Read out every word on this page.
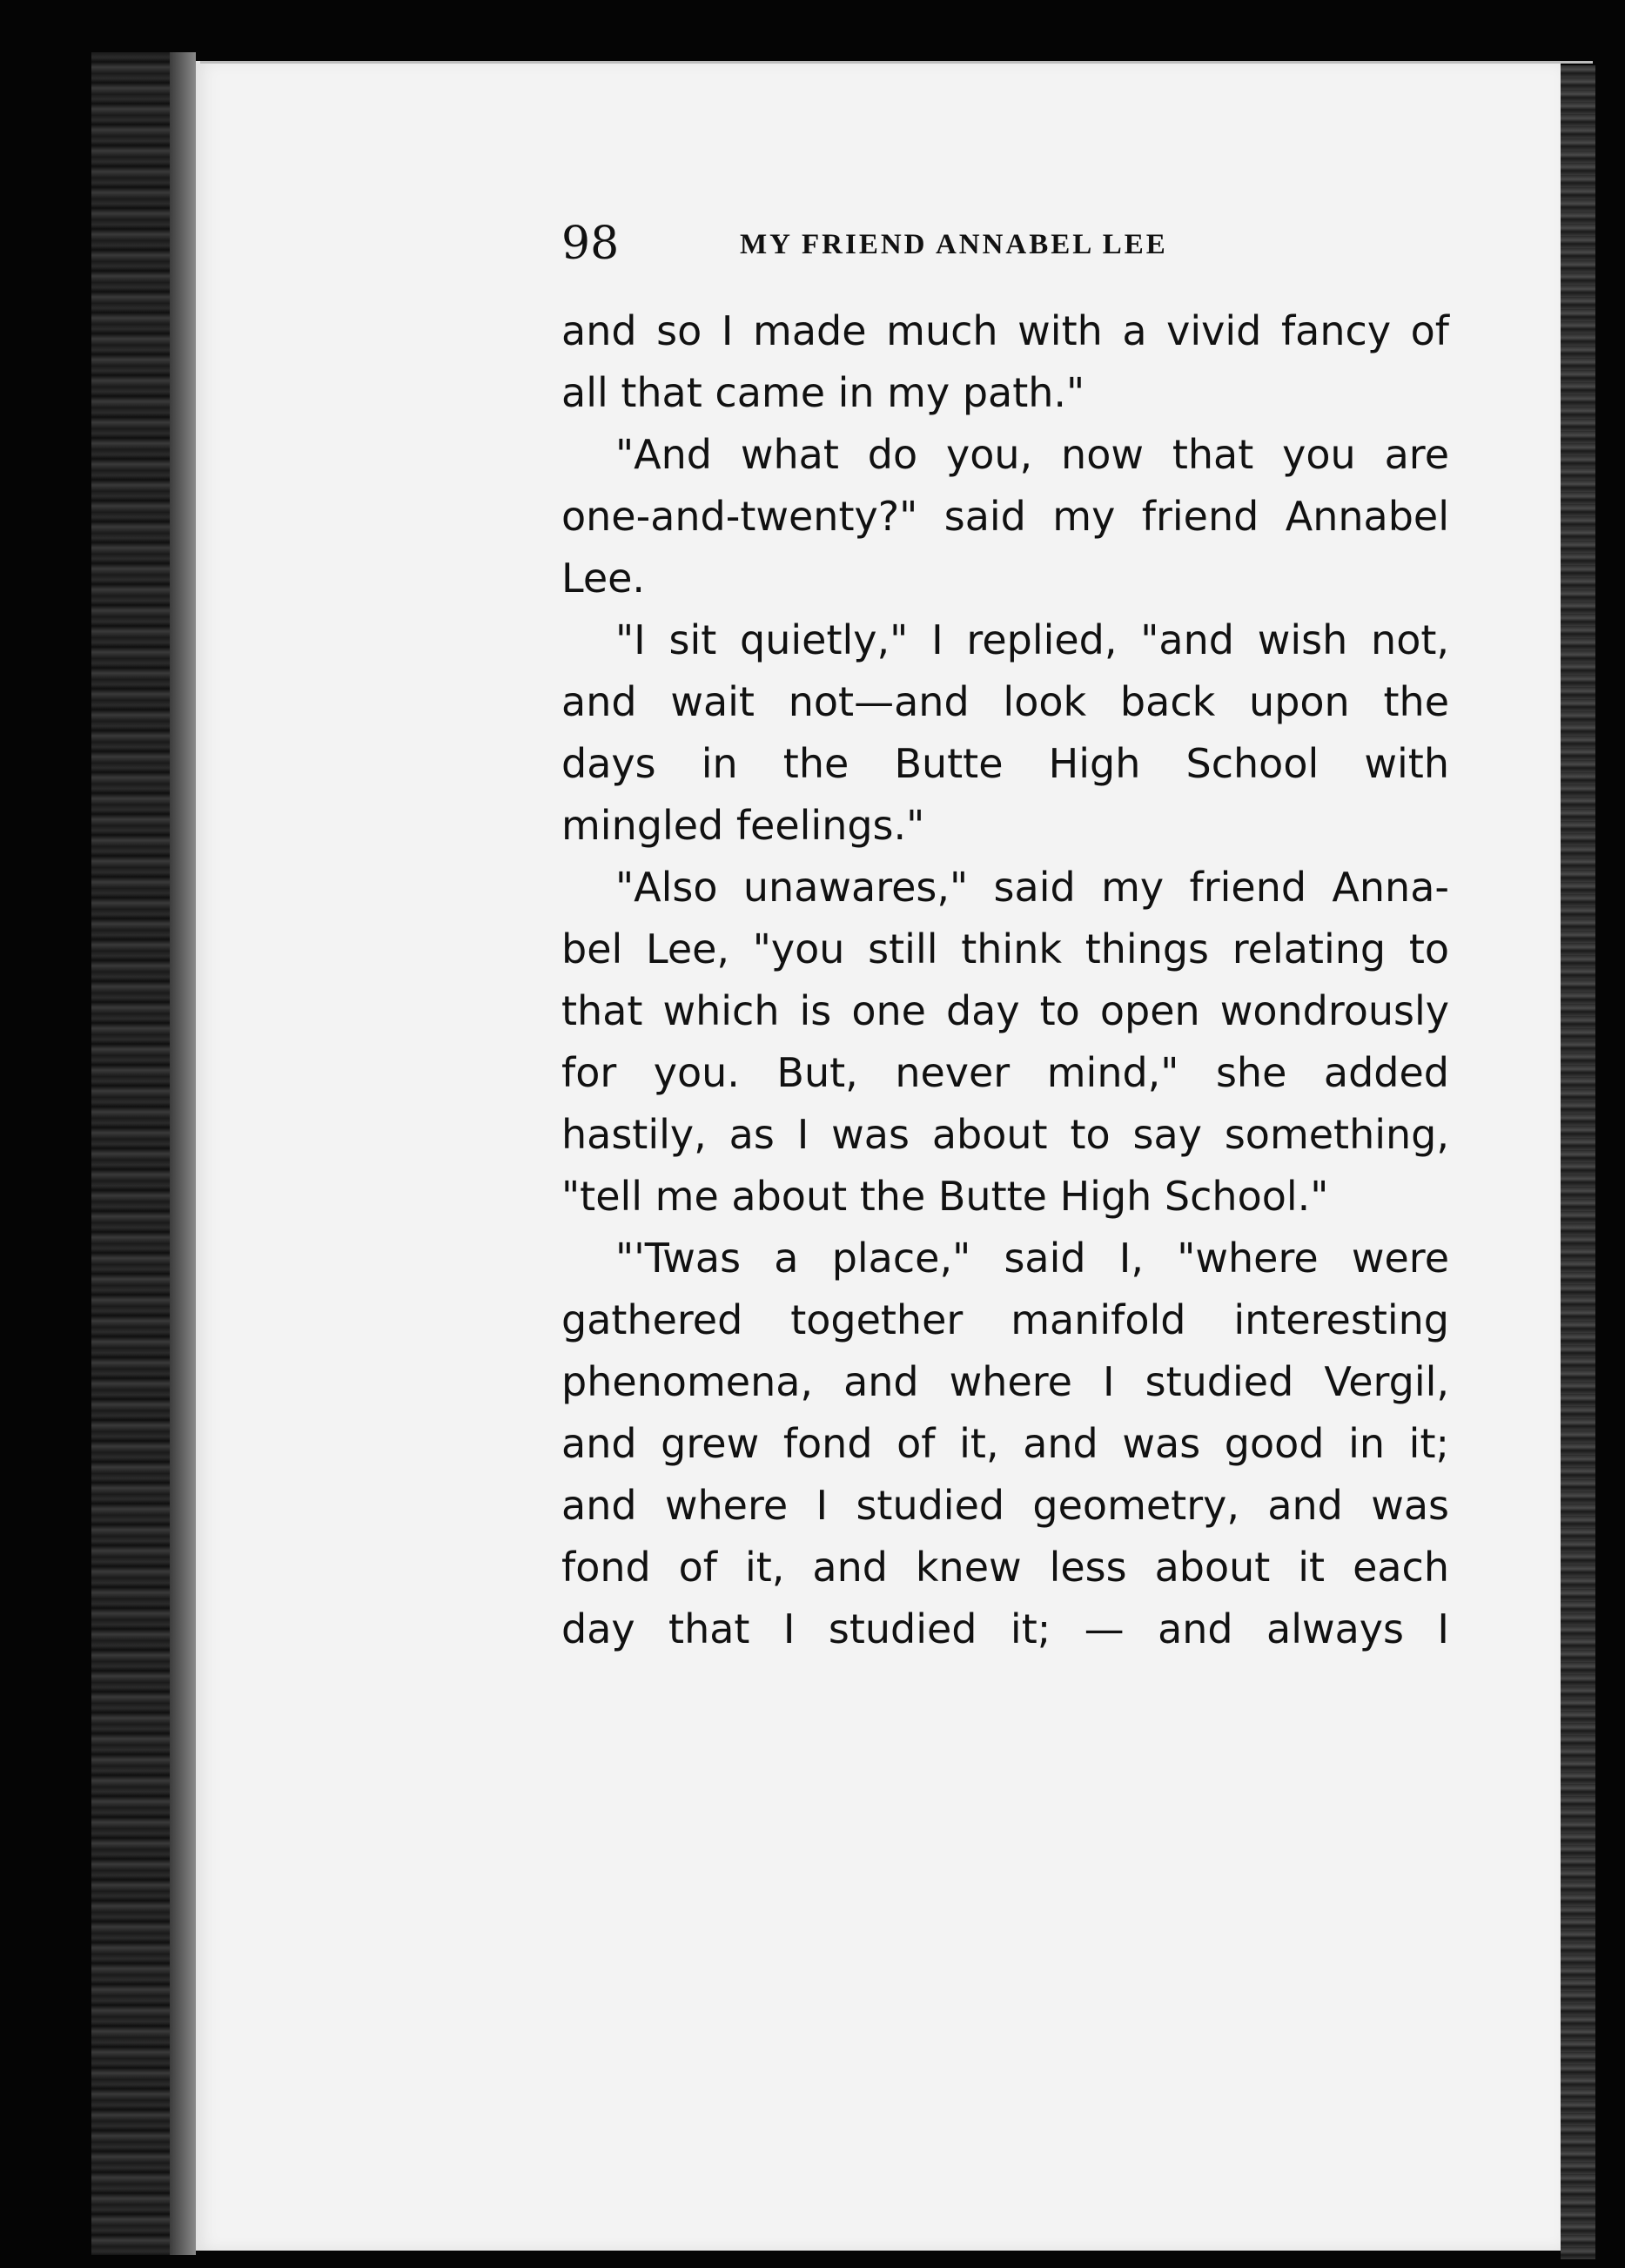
98	MY FRIEND ANNABEL LEE
and so I made much with a vivid fancy of
all that came in my path."
"And what do you, now that you are
one-and-twenty?" said my friend Annabel
Lee.
"I sit quietly," I replied, "and wish not,
and wait not—and look back upon the
days in the Butte High School with
mingled feelings."
"Also unawares," said my friend Anna-
bel Lee, "you still think things relating to
that which is one day to open wondrously
for you. But, never mind," she added
hastily, as I was about to say something,
"tell me about the Butte High School."
"'Twas a place," said I, "where were
gathered together manifold interesting
phenomena, and where I studied Vergil,
and grew fond of it, and was good in it;
and where I studied geometry, and was
fond of it, and knew less about it each
day that I studied it; — and always I
